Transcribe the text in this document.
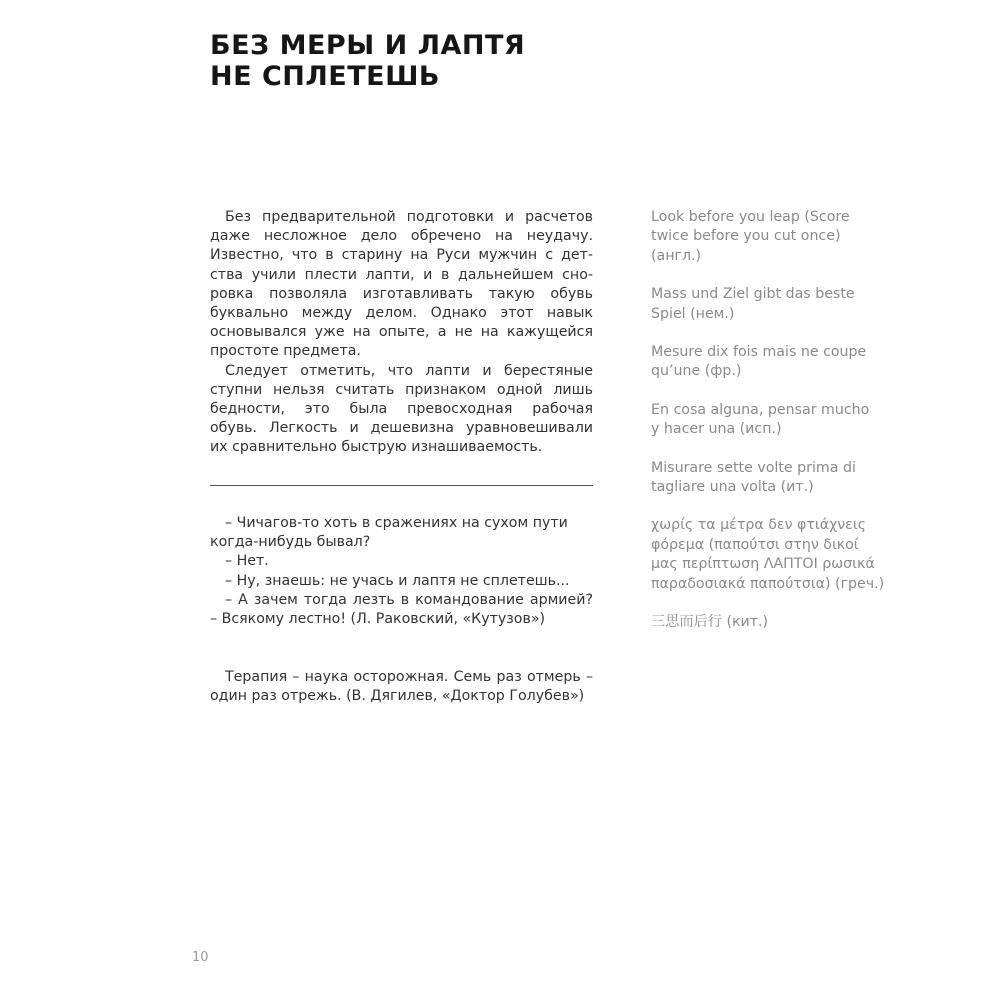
БЕЗ МЕРЫ И ЛАПТЯ
НЕ СПЛЕТЕШЬ
Без предварительной подготовки и расчетов
даже несложное дело обречено на неудачу.
Известно, что в старину на Руси мужчин с дет-
ства учили плести лапти, и в дальнейшем сно-
ровка позволяла изготавливать такую обувь
буквально между делом. Однако этот навык
основывался уже на опыте, а не на кажущейся
простоте предмета.
Следует отметить, что лапти и берестяные
ступни нельзя считать признаком одной лишь
бедности, это была превосходная рабочая
обувь. Легкость и дешевизна уравновешивали
их сравнительно быструю изнашиваемость.

– Чичагов-то хоть в сражениях на сухом пути

когда-нибудь бывал?

– Нет.

– Ну, знаешь: не учась и лаптя не сплетешь...

– А зачем тогда лезть в командование армией? – Всякому лестно! (Л. Раковский, «Кутузов»)

Терапия – наука осторожная. Семь раз отмерь – один раз отрежь. (В. Дягилев, «Доктор Голубев»)

Look before you leap (Score
twice before you cut once)
(англ.)

Mass und Ziel gibt das beste
Spiel (нем.)

Mesure dix fois mais ne coupe
qu’une (фр.)

En cosa alguna, pensar mucho
y hacer una (исп.)

Misurare sette volte prima di
tagliare una volta (ит.)

χωρίς τα μέτρα δεν φτιάχνεις
φόρεμα (παπούτσι στην δικοί
μας περίπτωση ΛΑΠΤΟΙ ρωσικά
παραδοσιακά παπούτσια) (греч.)

三思而后行 (кит.)

10
